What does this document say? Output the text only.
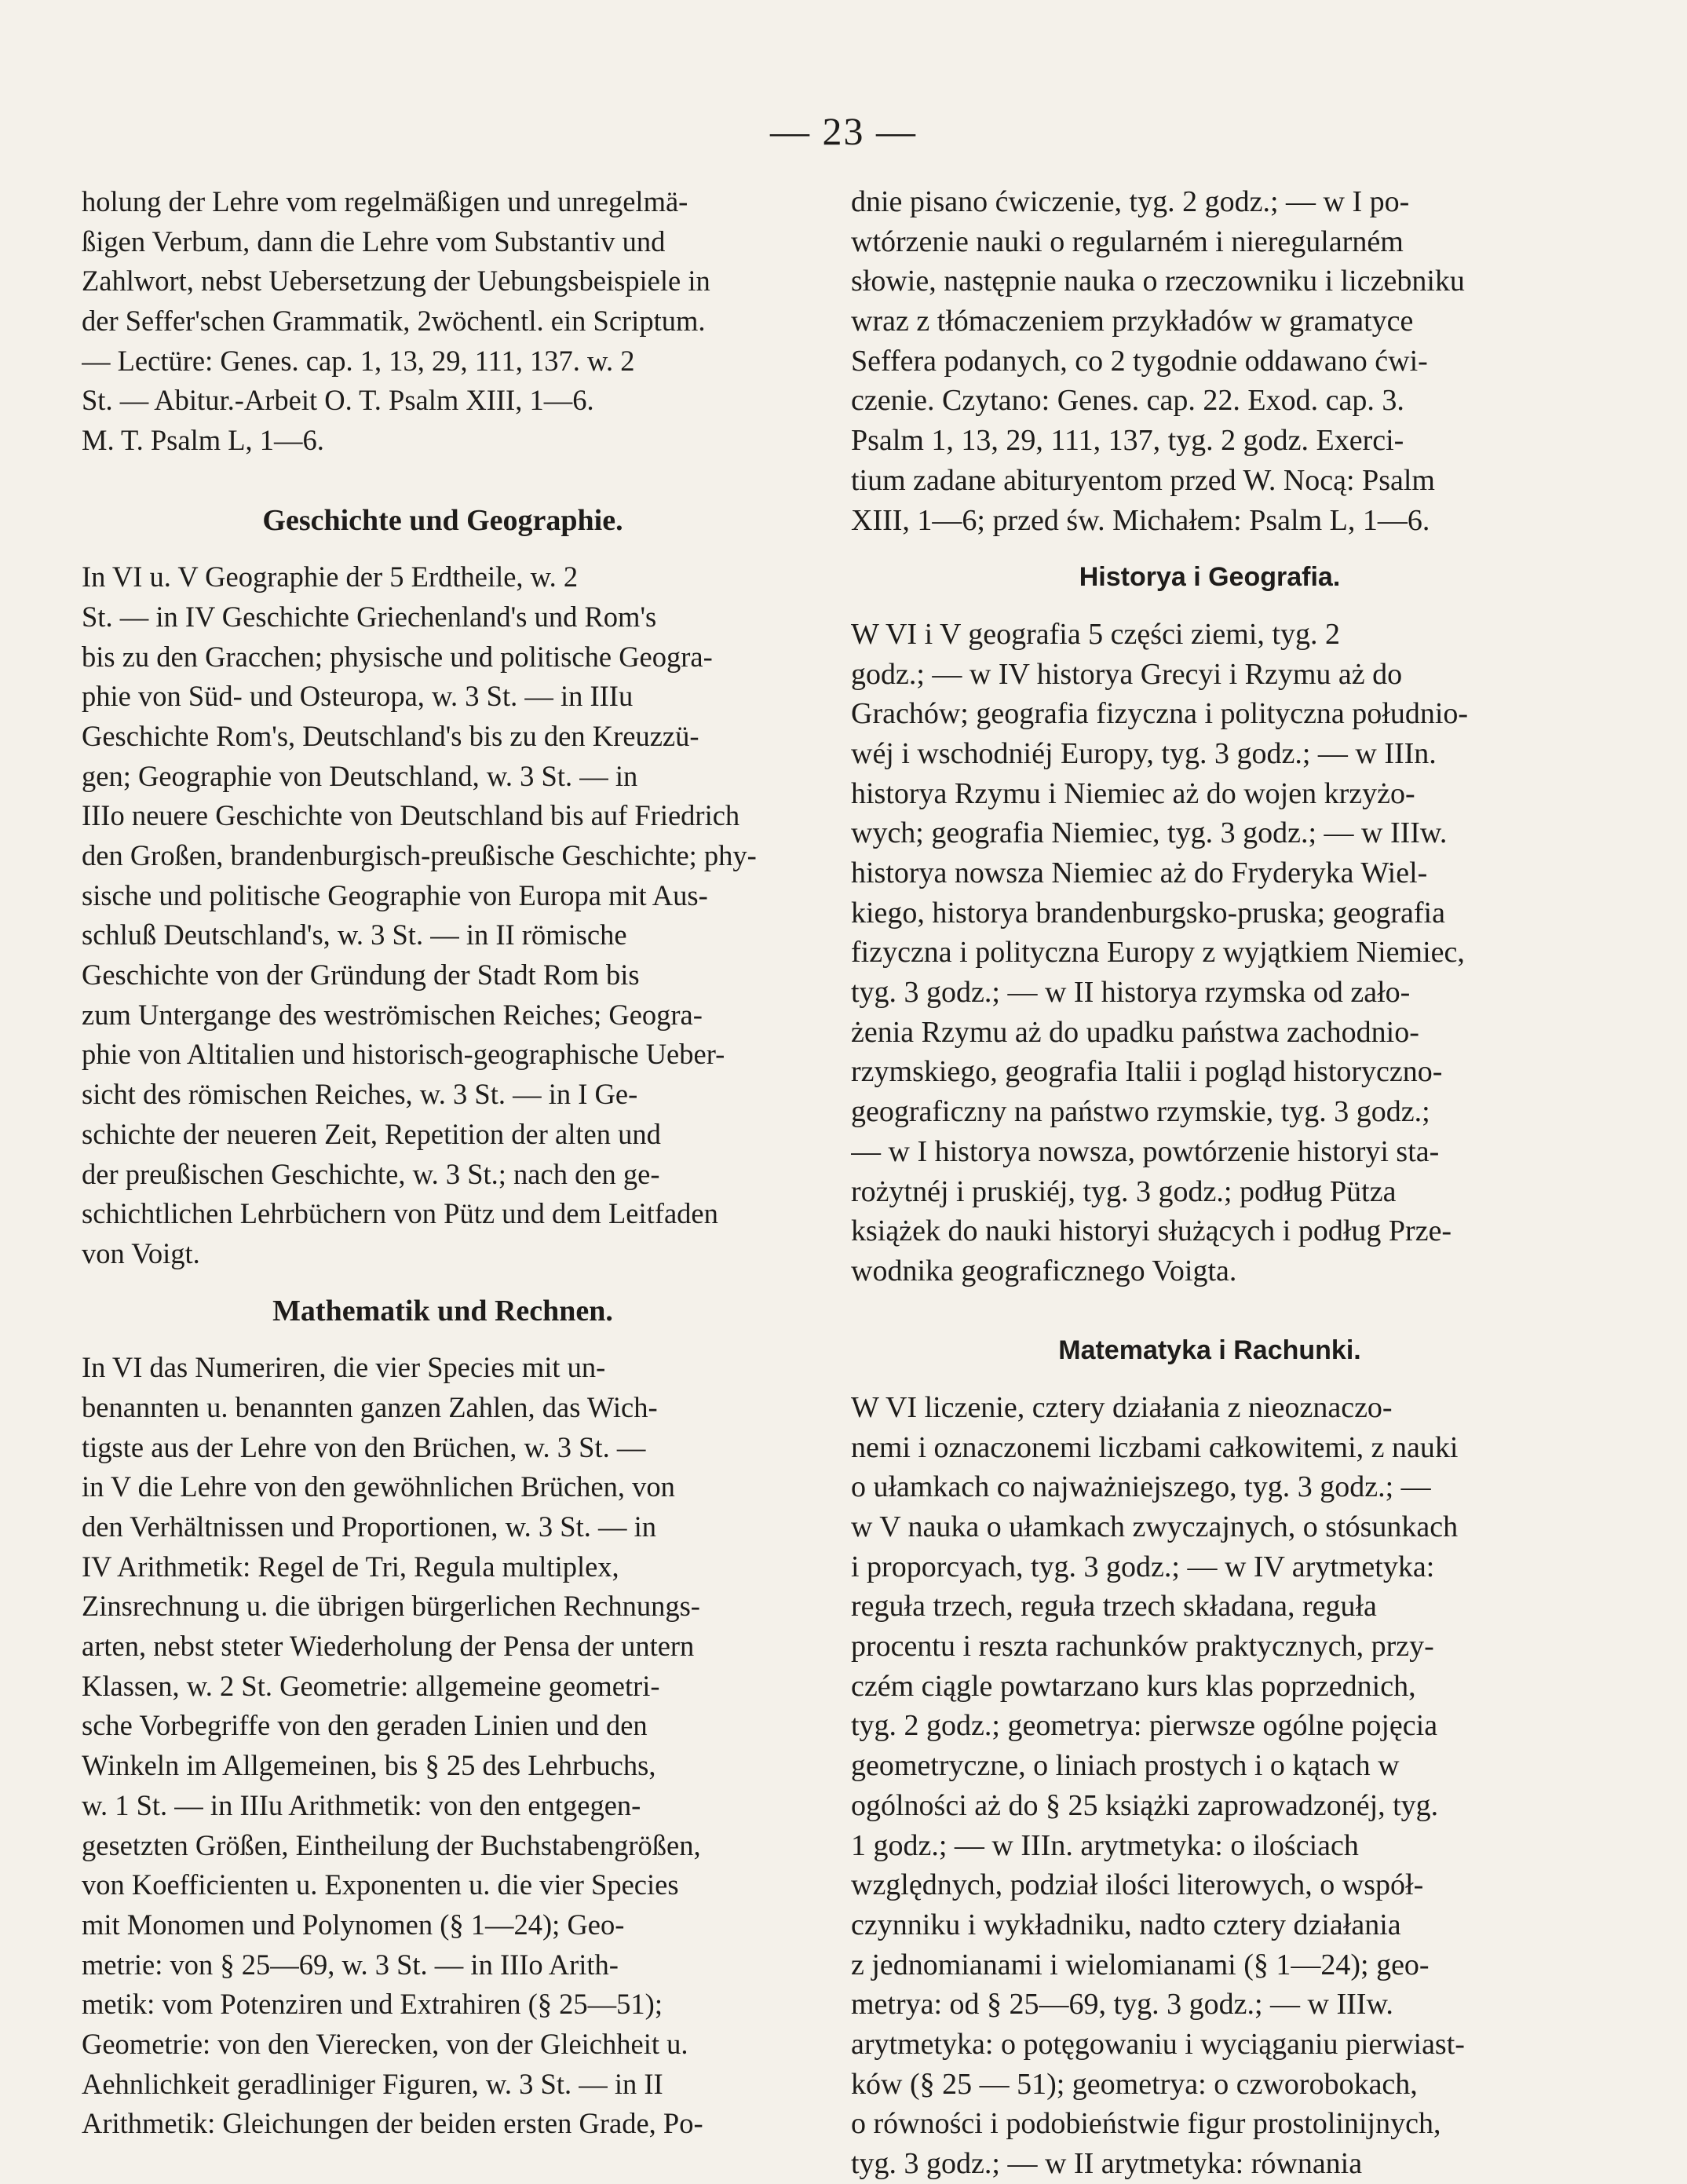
— 23 —
holung der Lehre vom regelmäßigen und unregelmä-
ßigen Verbum, dann die Lehre vom Substantiv und
Zahlwort, nebst Uebersetzung der Uebungsbeispiele in
der Seffer'schen Grammatik, 2wöchentl. ein Scriptum.
— Lectüre: Genes. cap. 1, 13, 29, 111, 137. w. 2
St. — Abitur.-Arbeit O. T. Psalm XIII, 1—6.
M. T. Psalm L, 1—6.
Geschichte und Geographie.
In VI u. V Geographie der 5 Erdtheile, w. 2
St. — in IV Geschichte Griechenland's und Rom's
bis zu den Gracchen; physische und politische Geogra-
phie von Süd- und Osteuropa, w. 3 St. — in IIIu
Geschichte Rom's, Deutschland's bis zu den Kreuzzü-
gen; Geographie von Deutschland, w. 3 St. — in
IIIo neuere Geschichte von Deutschland bis auf Friedrich
den Großen, brandenburgisch-preußische Geschichte; phy-
sische und politische Geographie von Europa mit Aus-
schluß Deutschland's, w. 3 St. — in II römische
Geschichte von der Gründung der Stadt Rom bis
zum Untergange des weströmischen Reiches; Geogra-
phie von Altitalien und historisch-geographische Ueber-
sicht des römischen Reiches, w. 3 St. — in I Ge-
schichte der neueren Zeit, Repetition der alten und
der preußischen Geschichte, w. 3 St.; nach den ge-
schichtlichen Lehrbüchern von Pütz und dem Leitfaden
von Voigt.
Mathematik und Rechnen.
In VI das Numeriren, die vier Species mit un-
benannten u. benannten ganzen Zahlen, das Wich-
tigste aus der Lehre von den Brüchen, w. 3 St. —
in V die Lehre von den gewöhnlichen Brüchen, von
den Verhältnissen und Proportionen, w. 3 St. — in
IV Arithmetik: Regel de Tri, Regula multiplex,
Zinsrechnung u. die übrigen bürgerlichen Rechnungs-
arten, nebst steter Wiederholung der Pensa der untern
Klassen, w. 2 St. Geometrie: allgemeine geometri-
sche Vorbegriffe von den geraden Linien und den
Winkeln im Allgemeinen, bis § 25 des Lehrbuchs,
w. 1 St. — in IIIu Arithmetik: von den entgegen-
gesetzten Größen, Eintheilung der Buchstabengrößen,
von Koefficienten u. Exponenten u. die vier Species
mit Monomen und Polynomen (§ 1—24); Geo-
metrie: von § 25—69, w. 3 St. — in IIIo Arith-
metik: vom Potenziren und Extrahiren (§ 25—51);
Geometrie: von den Vierecken, von der Gleichheit u.
Aehnlichkeit geradliniger Figuren, w. 3 St. — in II
Arithmetik: Gleichungen der beiden ersten Grade, Po-
dnie pisano ćwiczenie, tyg. 2 godz.; — w I po-
wtórzenie nauki o regularném i nieregularném
słowie, następnie nauka o rzeczowniku i liczebniku
wraz z tłómaczeniem przykładów w gramatyce
Seffera podanych, co 2 tygodnie oddawano ćwi-
czenie. Czytano: Genes. cap. 22. Exod. cap. 3.
Psalm 1, 13, 29, 111, 137, tyg. 2 godz. Exerci-
tium zadane abituryentom przed W. Nocą: Psalm
XIII, 1—6; przed św. Michałem: Psalm L, 1—6.
Historya i Geografia.
W VI i V geografia 5 części ziemi, tyg. 2
godz.; — w IV historya Grecyi i Rzymu aż do
Grachów; geografia fizyczna i polityczna południo-
wéj i wschodniéj Europy, tyg. 3 godz.; — w IIIn.
historya Rzymu i Niemiec aż do wojen krzyżo-
wych; geografia Niemiec, tyg. 3 godz.; — w IIIw.
historya nowsza Niemiec aż do Fryderyka Wiel-
kiego, historya brandenburgsko-pruska; geografia
fizyczna i polityczna Europy z wyjątkiem Niemiec,
tyg. 3 godz.; — w II historya rzymska od zało-
żenia Rzymu aż do upadku państwa zachodnio-
rzymskiego, geografia Italii i pogląd historyczno-
geograficzny na państwo rzymskie, tyg. 3 godz.;
— w I historya nowsza, powtórzenie historyi sta-
rożytnéj i pruskiéj, tyg. 3 godz.; podług Pütza
książek do nauki historyi służących i podług Prze-
wodnika geograficznego Voigta.
Matematyka i Rachunki.
W VI liczenie, cztery działania z nieoznaczo-
nemi i oznaczonemi liczbami całkowitemi, z nauki
o ułamkach co najważniejszego, tyg. 3 godz.; —
w V nauka o ułamkach zwyczajnych, o stósunkach
i proporcyach, tyg. 3 godz.; — w IV arytmetyka:
reguła trzech, reguła trzech składana, reguła
procentu i reszta rachunków praktycznych, przy-
czém ciągle powtarzano kurs klas poprzednich,
tyg. 2 godz.; geometrya: pierwsze ogólne pojęcia
geometryczne, o liniach prostych i o kątach w
ogólności aż do § 25 książki zaprowadzonéj, tyg.
1 godz.; — w IIIn. arytmetyka: o ilościach
względnych, podział ilości literowych, o współ-
czynniku i wykładniku, nadto cztery działania
z jednomianami i wielomianami (§ 1—24); geo-
metrya: od § 25—69, tyg. 3 godz.; — w IIIw.
arytmetyka: o potęgowaniu i wyciąganiu pierwiast-
ków (§ 25 — 51); geometrya: o czworobokach,
o równości i podobieństwie figur prostolinijnych,
tyg. 3 godz.; — w II arytmetyka: równania
